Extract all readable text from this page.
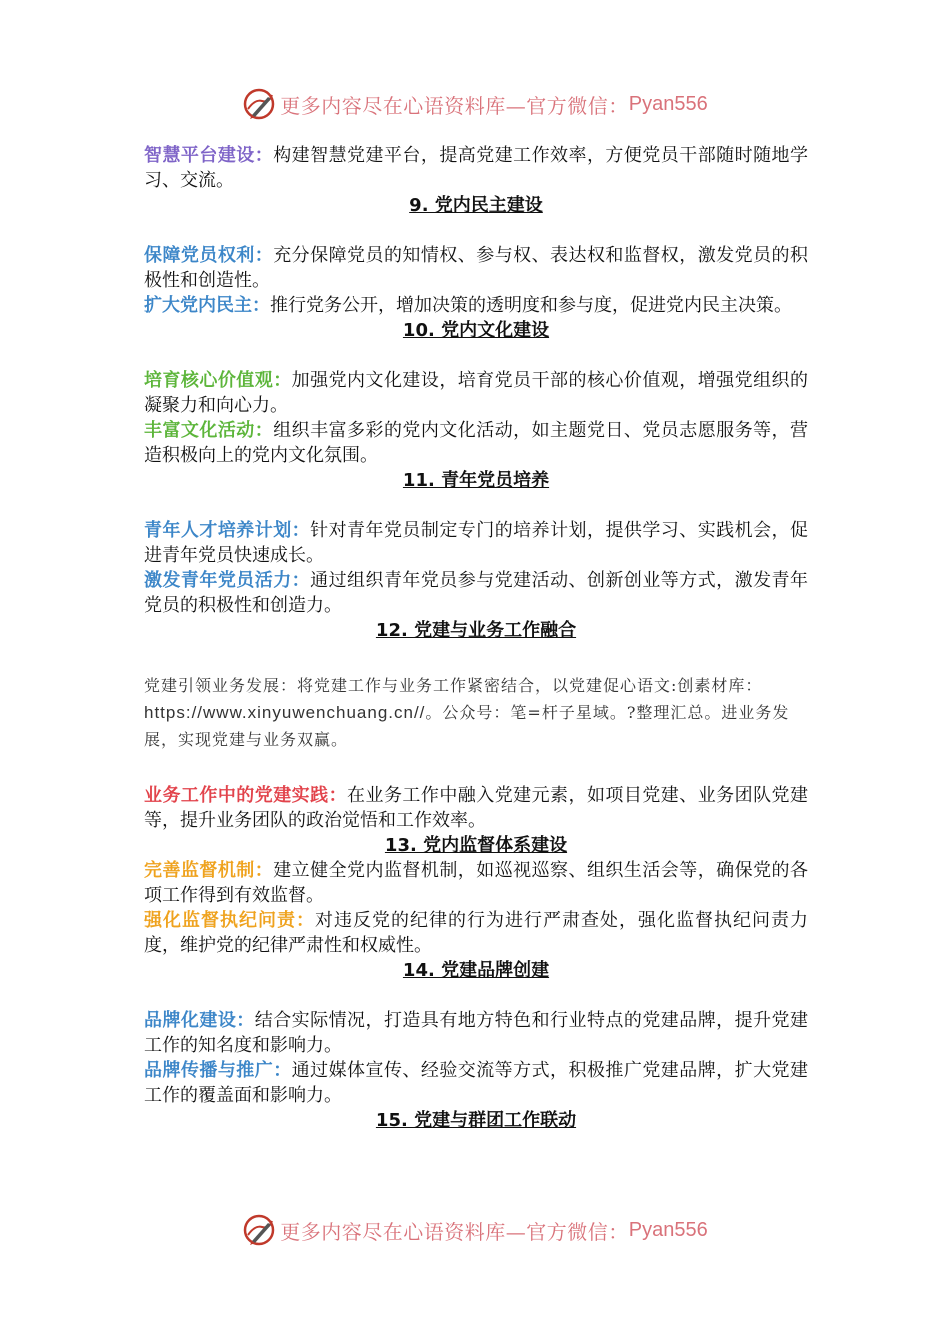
更多内容尽在心语资料库—官方微信： Pyan556
智慧平台建设：构建智慧党建平台，提高党建工作效率，方便党员干部随时随地学习、交流。
9. 党内民主建设
保障党员权利：充分保障党员的知情权、参与权、表达权和监督权，激发党员的积极性和创造性。
扩大党内民主：推行党务公开，增加决策的透明度和参与度，促进党内民主决策。
10. 党内文化建设
培育核心价值观：加强党内文化建设，培育党员干部的核心价值观，增强党组织的凝聚力和向心力。
丰富文化活动：组织丰富多彩的党内文化活动，如主题党日、党员志愿服务等，营造积极向上的党内文化氛围。
11. 青年党员培养
青年人才培养计划：针对青年党员制定专门的培养计划，提供学习、实践机会，促进青年党员快速成长。
激发青年党员活力：通过组织青年党员参与党建活动、创新创业等方式，激发青年党员的积极性和创造力。
12. 党建与业务工作融合
党建引领业务发展：将党建工作与业务工作紧密结合，以党建促心语文:创素材库：https://www.xinyuwenchuang.cn//。公众号：笔=杆子星域。?整理汇总。进业务发展，实现党建与业务双赢。
业务工作中的党建实践：在业务工作中融入党建元素，如项目党建、业务团队党建等，提升业务团队的政治觉悟和工作效率。
13. 党内监督体系建设
完善监督机制：建立健全党内监督机制，如巡视巡察、组织生活会等，确保党的各项工作得到有效监督。
强化监督执纪问责：对违反党的纪律的行为进行严肃查处，强化监督执纪问责力度，维护党的纪律严肃性和权威性。
14. 党建品牌创建
品牌化建设：结合实际情况，打造具有地方特色和行业特点的党建品牌，提升党建工作的知名度和影响力。
品牌传播与推广：通过媒体宣传、经验交流等方式，积极推广党建品牌，扩大党建工作的覆盖面和影响力。
15. 党建与群团工作联动
更多内容尽在心语资料库—官方微信： Pyan556
